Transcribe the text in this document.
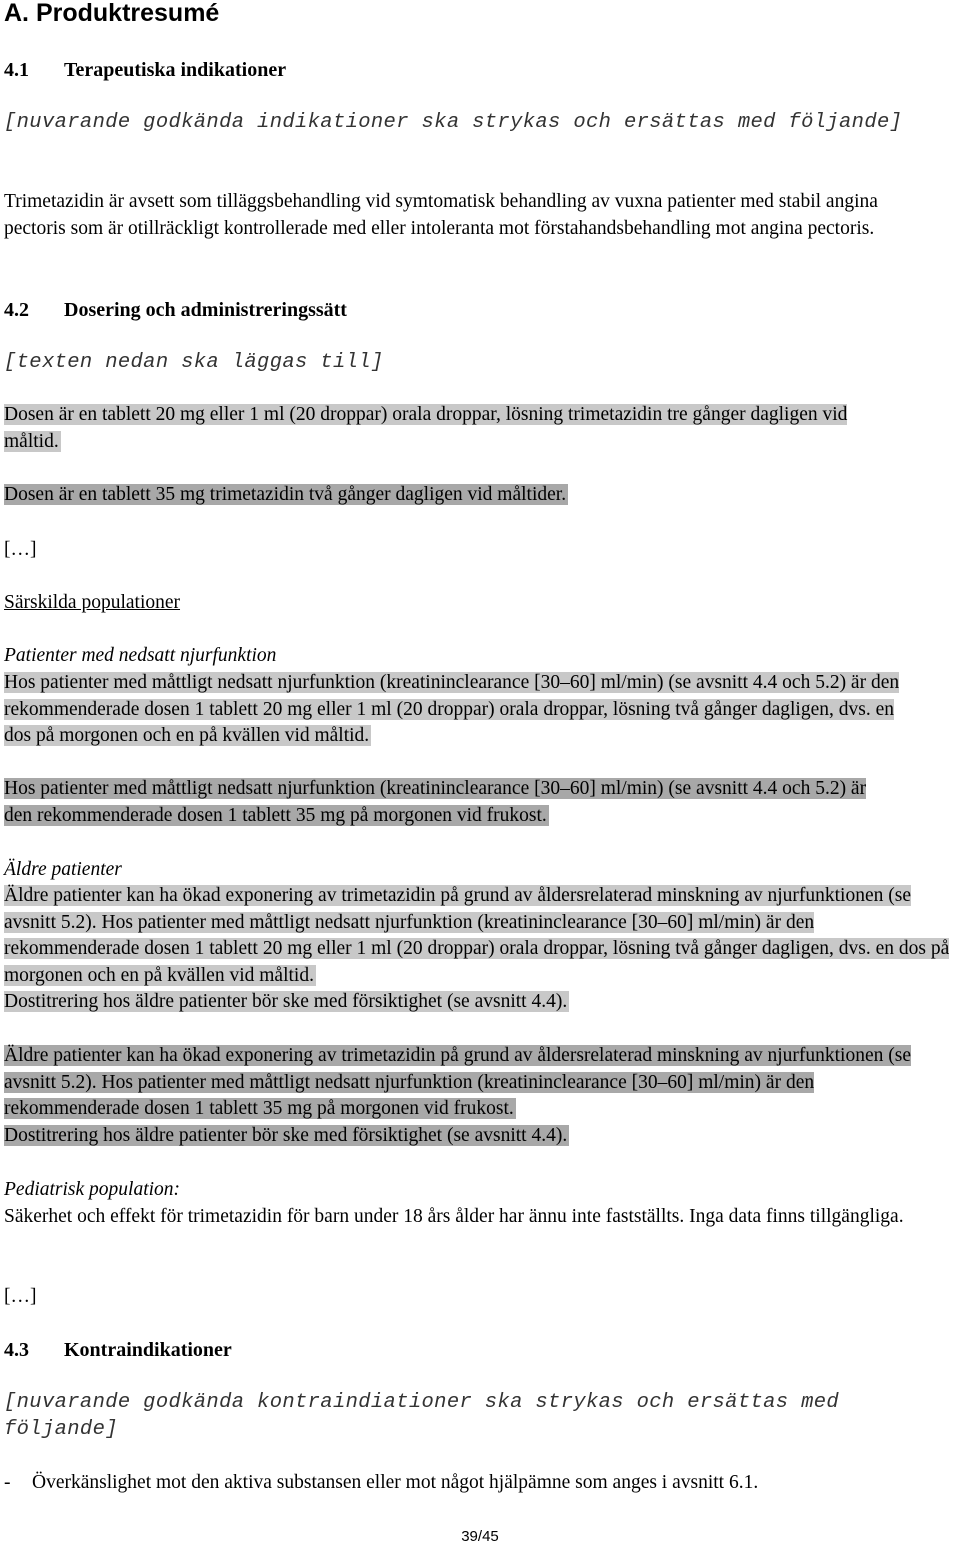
A. Produktresumé
4.1 Terapeutiska indikationer

[nuvarande godkända indikationer ska strykas och ersättas med följande]

Trimetazidin är avsett som tilläggsbehandling vid symtomatisk behandling av vuxna patienter med stabil angina pectoris som är otillräckligt kontrollerade med eller intoleranta mot förstahandsbehandling mot angina pectoris.

4.2 Dosering och administreringssätt

[texten nedan ska läggas till]

Dosen är en tablett 20 mg eller 1 ml (20 droppar) orala droppar, lösning trimetazidin tre gånger dagligen vid måltid.

Dosen är en tablett 35 mg trimetazidin två gånger dagligen vid måltider.

[…]

Särskilda populationer

Patienter med nedsatt njurfunktion

Hos patienter med måttligt nedsatt njurfunktion (kreatininclearance [30–60] ml/min) (se avsnitt 4.4 och 5.2) är den rekommenderade dosen 1 tablett 20 mg eller 1 ml (20 droppar) orala droppar, lösning två gånger dagligen, dvs. en dos på morgonen och en på kvällen vid måltid.

Hos patienter med måttligt nedsatt njurfunktion (kreatininclearance [30–60] ml/min) (se avsnitt 4.4 och 5.2) är den rekommenderade dosen 1 tablett 35 mg på morgonen vid frukost.

Äldre patienter

Äldre patienter kan ha ökad exponering av trimetazidin på grund av åldersrelaterad minskning av njurfunktionen (se avsnitt 5.2). Hos patienter med måttligt nedsatt njurfunktion (kreatininclearance [30–60] ml/min) är den rekommenderade dosen 1 tablett 20 mg eller 1 ml (20 droppar) orala droppar, lösning två gånger dagligen, dvs. en dos på morgonen och en på kvällen vid måltid.
Dostitrering hos äldre patienter bör ske med försiktighet (se avsnitt 4.4).

Äldre patienter kan ha ökad exponering av trimetazidin på grund av åldersrelaterad minskning av njurfunktionen (se avsnitt 5.2). Hos patienter med måttligt nedsatt njurfunktion (kreatininclearance [30–60] ml/min) är den rekommenderade dosen 1 tablett 35 mg på morgonen vid frukost.
Dostitrering hos äldre patienter bör ske med försiktighet (se avsnitt 4.4).

Pediatrisk population:

Säkerhet och effekt för trimetazidin för barn under 18 års ålder har ännu inte fastställts. Inga data finns tillgängliga.

[…]

4.3 Kontraindikationer

[nuvarande godkända kontraindiationer ska strykas och ersättas med följande]

- Överkänslighet mot den aktiva substansen eller mot något hjälpämne som anges i avsnitt 6.1.

39/45
